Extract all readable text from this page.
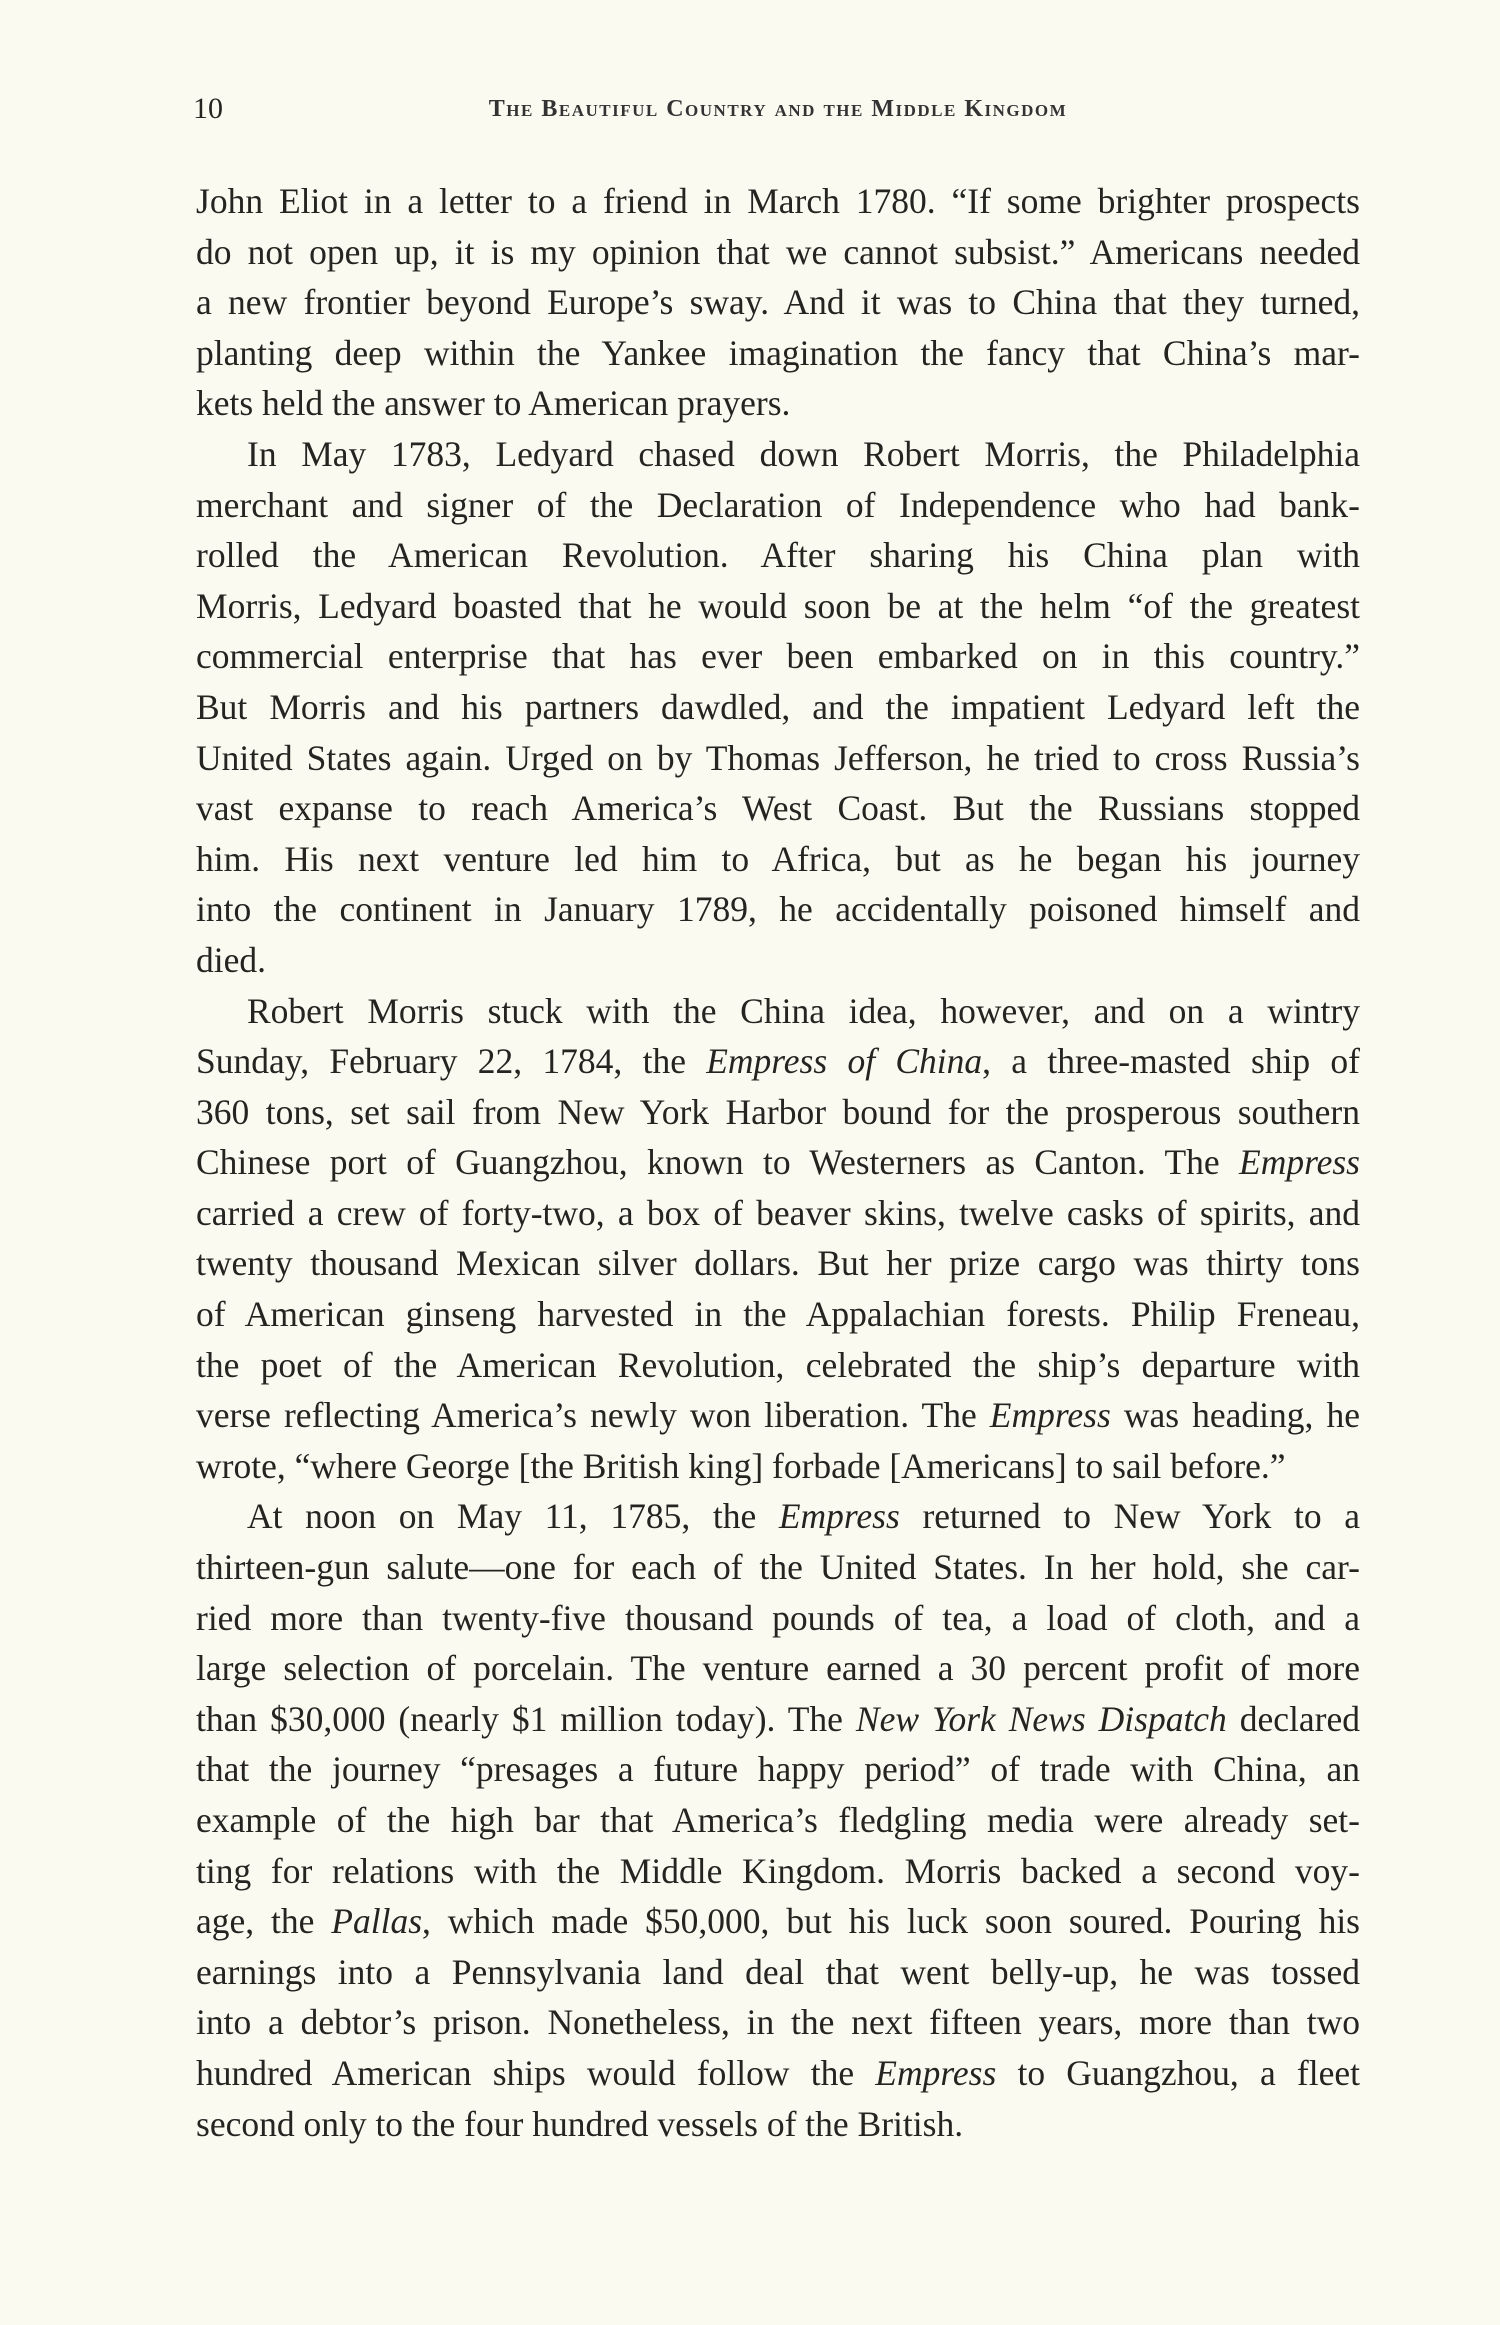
10	The Beautiful Country and the Middle Kingdom
John Eliot in a letter to a friend in March 1780. “If some brighter prospects
do not open up, it is my opinion that we cannot subsist.” Americans needed
a new frontier beyond Europe’s sway. And it was to China that they turned,
planting deep within the Yankee imagination the fancy that China’s mar-
kets held the answer to American prayers.
In May 1783, Ledyard chased down Robert Morris, the Philadelphia
merchant and signer of the Declaration of Independence who had bank-
rolled the American Revolution. After sharing his China plan with
Morris, Ledyard boasted that he would soon be at the helm “of the greatest
commercial enterprise that has ever been embarked on in this country.”
But Morris and his partners dawdled, and the impatient Ledyard left the
United States again. Urged on by Thomas Jefferson, he tried to cross Russia’s
vast expanse to reach America’s West Coast. But the Russians stopped
him. His next venture led him to Africa, but as he began his journey
into the continent in January 1789, he accidentally poisoned himself and
died.
Robert Morris stuck with the China idea, however, and on a wintry
Sunday, February 22, 1784, the Empress of China, a three-masted ship of
360 tons, set sail from New York Harbor bound for the prosperous southern
Chinese port of Guangzhou, known to Westerners as Canton. The Empress
carried a crew of forty-two, a box of beaver skins, twelve casks of spirits, and
twenty thousand Mexican silver dollars. But her prize cargo was thirty tons
of American ginseng harvested in the Appalachian forests. Philip Freneau,
the poet of the American Revolution, celebrated the ship’s departure with
verse reflecting America’s newly won liberation. The Empress was heading, he
wrote, “where George [the British king] forbade [Americans] to sail before.”
At noon on May 11, 1785, the Empress returned to New York to a
thirteen-gun salute—one for each of the United States. In her hold, she car-
ried more than twenty-five thousand pounds of tea, a load of cloth, and a
large selection of porcelain. The venture earned a 30 percent profit of more
than $30,000 (nearly $1 million today). The New York News Dispatch declared
that the journey “presages a future happy period” of trade with China, an
example of the high bar that America’s fledgling media were already set-
ting for relations with the Middle Kingdom. Morris backed a second voy-
age, the Pallas, which made $50,000, but his luck soon soured. Pouring his
earnings into a Pennsylvania land deal that went belly-up, he was tossed
into a debtor’s prison. Nonetheless, in the next fifteen years, more than two
hundred American ships would follow the Empress to Guangzhou, a fleet
second only to the four hundred vessels of the British.
